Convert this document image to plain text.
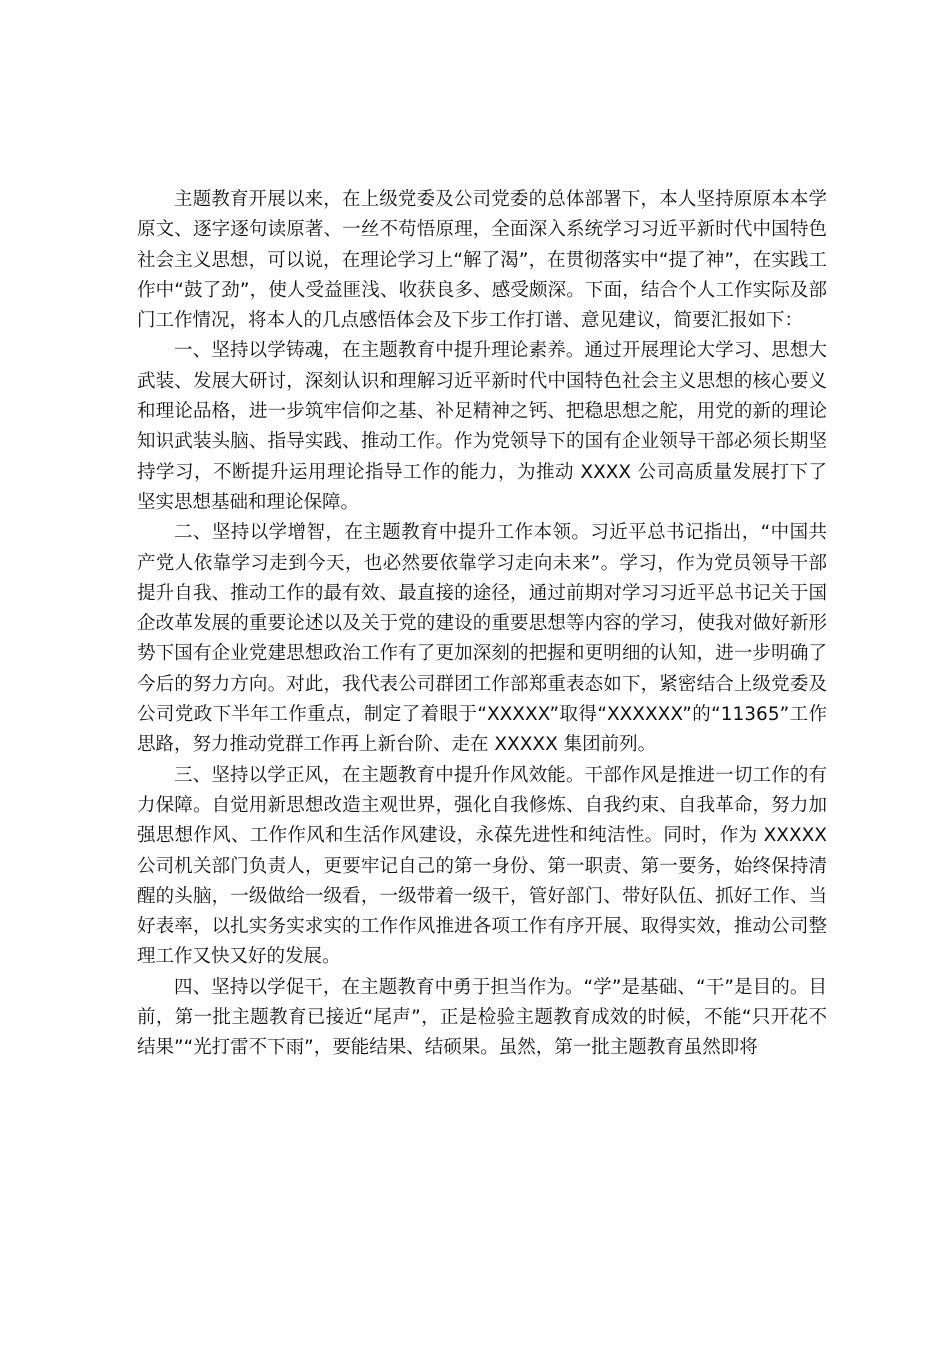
主题教育开展以来，在上级党委及公司党委的总体部署下，本人坚持原原本本学原文、逐字逐句读原著、一丝不苟悟原理，全面深入系统学习习近平新时代中国特色社会主义思想，可以说，在理论学习上“解了渴”，在贯彻落实中“提了神”，在实践工作中“鼓了劲”，使人受益匪浅、收获良多、感受颇深。下面，结合个人工作实际及部门工作情况，将本人的几点感悟体会及下步工作打谱、意见建议，简要汇报如下：

一、坚持以学铸魂，在主题教育中提升理论素养。通过开展理论大学习、思想大武装、发展大研讨，深刻认识和理解习近平新时代中国特色社会主义思想的核心要义和理论品格，进一步筑牢信仰之基、补足精神之钙、把稳思想之舵，用党的新的理论知识武装头脑、指导实践、推动工作。作为党领导下的国有企业领导干部必须长期坚持学习，不断提升运用理论指导工作的能力，为推动 XXXX 公司高质量发展打下了坚实思想基础和理论保障。

二、坚持以学增智，在主题教育中提升工作本领。习近平总书记指出，“中国共产党人依靠学习走到今天，也必然要依靠学习走向未来”。学习，作为党员领导干部提升自我、推动工作的最有效、最直接的途径，通过前期对学习习近平总书记关于国企改革发展的重要论述以及关于党的建设的重要思想等内容的学习，使我对做好新形势下国有企业党建思想政治工作有了更加深刻的把握和更明细的认知，进一步明确了今后的努力方向。对此，我代表公司群团工作部郑重表态如下，紧密结合上级党委及公司党政下半年工作重点，制定了着眼于“XXXXX”取得“XXXXXX”的“11365”工作思路，努力推动党群工作再上新台阶、走在 XXXXX 集团前列。

三、坚持以学正风，在主题教育中提升作风效能。干部作风是推进一切工作的有力保障。自觉用新思想改造主观世界，强化自我修炼、自我约束、自我革命，努力加强思想作风、工作作风和生活作风建设，永葆先进性和纯洁性。同时，作为 XXXXX 公司机关部门负责人，更要牢记自己的第一身份、第一职责、第一要务，始终保持清醒的头脑，一级做给一级看，一级带着一级干，管好部门、带好队伍、抓好工作、当好表率，以扎实务实求实的工作作风推进各项工作有序开展、取得实效，推动公司整理工作又快又好的发展。

四、坚持以学促干，在主题教育中勇于担当作为。“学”是基础、“干”是目的。目前，第一批主题教育已接近“尾声”，正是检验主题教育成效的时候，不能“只开花不结果”“光打雷不下雨”，要能结果、结硕果。虽然，第一批主题教育虽然即将
